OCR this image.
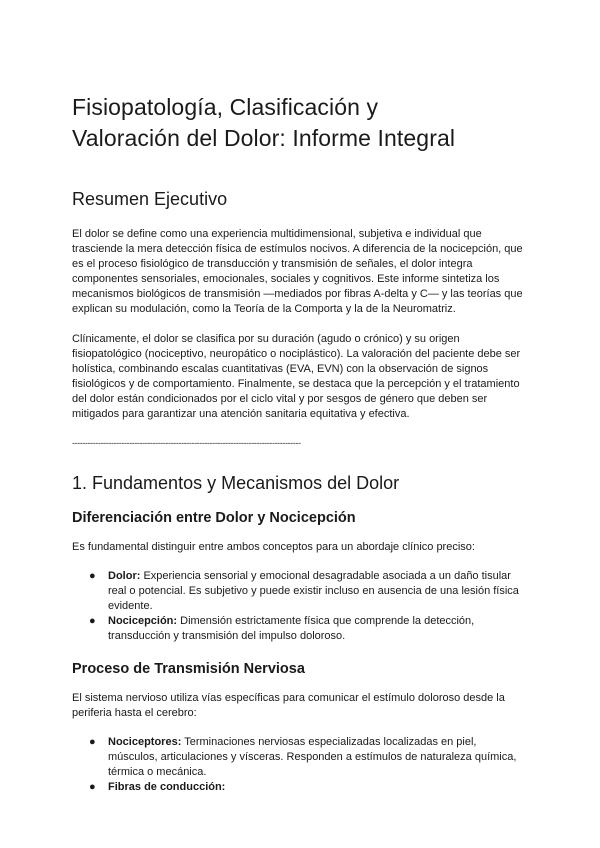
Fisiopatología, Clasificación y
Valoración del Dolor: Informe Integral
Resumen Ejecutivo

El dolor se define como una experiencia multidimensional, subjetiva e individual que trasciende la mera detección física de estímulos nocivos. A diferencia de la nocicepción, que es el proceso fisiológico de transducción y transmisión de señales, el dolor integra componentes sensoriales, emocionales, sociales y cognitivos. Este informe sintetiza los mecanismos biológicos de transmisión —mediados por fibras A-delta y C— y las teorías que explican su modulación, como la Teoría de la Comporta y la de la Neuromatriz.

Clínicamente, el dolor se clasifica por su duración (agudo o crónico) y su origen fisiopatológico (nociceptivo, neuropático o nociplástico). La valoración del paciente debe ser holística, combinando escalas cuantitativas (EVA, EVN) con la observación de signos fisiológicos y de comportamiento. Finalmente, se destaca que la percepción y el tratamiento del dolor están condicionados por el ciclo vital y por sesgos de género que deben ser mitigados para garantizar una atención sanitaria equitativa y efectiva.

----------------------------------------------------------------------------------------

1. Fundamentos y Mecanismos del Dolor
Diferenciación entre Dolor y Nocicepción

Es fundamental distinguir entre ambos conceptos para un abordaje clínico preciso:

● Dolor: Experiencia sensorial y emocional desagradable asociada a un daño tisular real o potencial. Es subjetivo y puede existir incluso en ausencia de una lesión física evidente.
● Nocicepción: Dimensión estrictamente física que comprende la detección, transducción y transmisión del impulso doloroso.
Proceso de Transmisión Nerviosa

El sistema nervioso utiliza vías específicas para comunicar el estímulo doloroso desde la periferia hasta el cerebro:

● Nociceptores: Terminaciones nerviosas especializadas localizadas en piel, músculos, articulaciones y vísceras. Responden a estímulos de naturaleza química, térmica o mecánica.
● Fibras de conducción:
